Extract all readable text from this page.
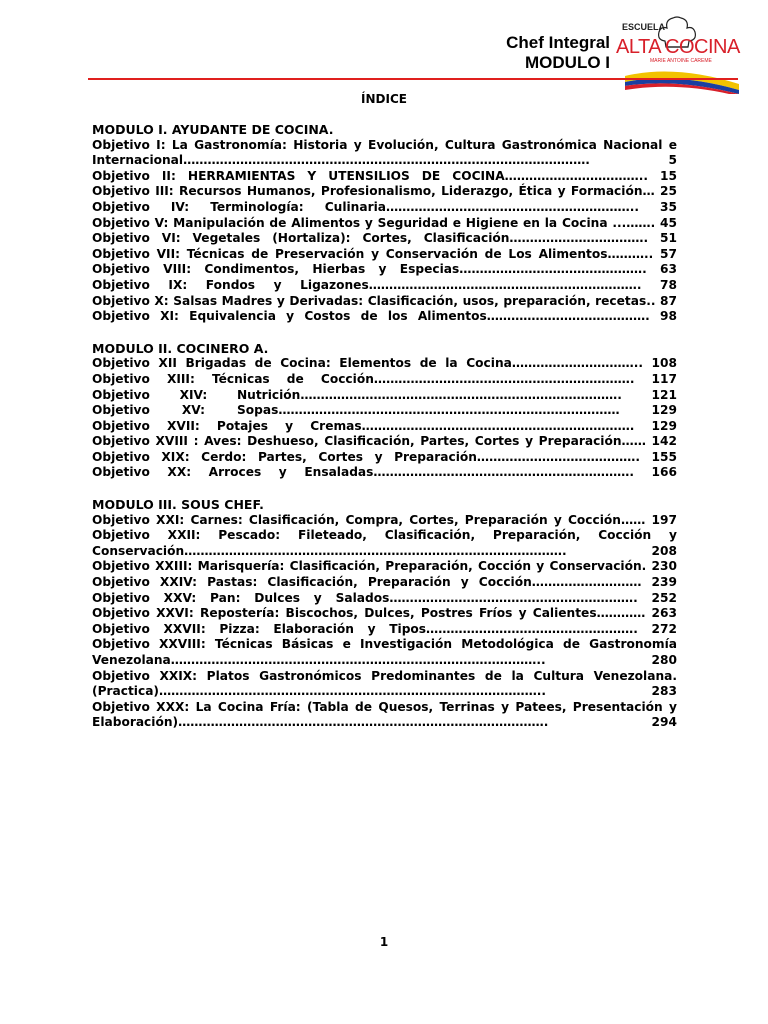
Chef Integral
MODULO I
ESCUELA
ALTA COCINA
MARIE ANTOINE CAREME
ÍNDICE
MODULO I. AYUDANTE DE COCINA.
Objetivo I: La Gastronomía: Historia y Evolución, Cultura Gastronómica Nacional e
Internacional………………………………………………………………………………………. 5
Objetivo II: HERRAMIENTAS Y UTENSILIOS DE COCINA…………………………….. 15
Objetivo III: Recursos Humanos, Profesionalismo, Liderazgo, Ética y Formación… 25
Objetivo IV: Terminología: Culinaria…………………………………………………….. 35
Objetivo V: Manipulación de Alimentos y Seguridad e Higiene en la Cocina ...……. 45
Objetivo VI: Vegetales (Hortaliza): Cortes, Clasificación……………………………. 51
Objetivo VII: Técnicas de Preservación y Conservación de Los Alimentos……….. 57
Objetivo VIII: Condimentos, Hierbas y Especias………………………………………. 63
Objetivo IX: Fondos y Ligazones…………………………………………………………. 78
Objetivo X: Salsas Madres y Derivadas: Clasificación, usos, preparación, recetas.. 87
Objetivo XI: Equivalencia y Costos de los Alimentos…………………………………. 98
MODULO II. COCINERO A.
Objetivo XII Brigadas de Cocina: Elementos de la Cocina………………………….. 108
Objetivo XIII: Técnicas de Cocción………………………………………………………. 117
Objetivo XIV: Nutrición……………………………………………………………………. 121
Objetivo XV: Sopas………………………………………………………………………… 129
Objetivo XVII: Potajes y Cremas…………………………………………………………. 129
Objetivo XVIII : Aves: Deshueso, Clasificación, Partes, Cortes y Preparación…… 142
Objetivo XIX: Cerdo: Partes, Cortes y Preparación…………………………………. 155
Objetivo XX: Arroces y Ensaladas………………………………………………………. 166
MODULO III. SOUS CHEF.
Objetivo XXI: Carnes: Clasificación, Compra, Cortes, Preparación y Cocción…… 197
Objetivo XXII: Pescado: Fileteado, Clasificación, Preparación, Cocción y
Conservación…………………………………………………………………………………. 208
Objetivo XXIII: Marisquería: Clasificación, Preparación, Cocción y Conservación. 230
Objetivo XXIV: Pastas: Clasificación, Preparación y Cocción……………………… 239
Objetivo XXV: Pan: Dulces y Salados……………………………………………………. 252
Objetivo XXVI: Repostería: Biscochos, Dulces, Postres Fríos y Calientes………… 263
Objetivo XXVII: Pizza: Elaboración y Tipos……………………………………………. 272
Objetivo XXVIII: Técnicas Básicas e Investigación Metodológica de Gastronomía
Venezolana……………………………………………………………………………….. 280
Objetivo XXIX: Platos Gastronómicos Predominantes de la Cultura Venezolana.
(Practica)………………………………………………………………………………….. 283
Objetivo XXX: La Cocina Fría: (Tabla de Quesos, Terrinas y Patees, Presentación y
Elaboración)………………………………………………………………………………. 294
1
